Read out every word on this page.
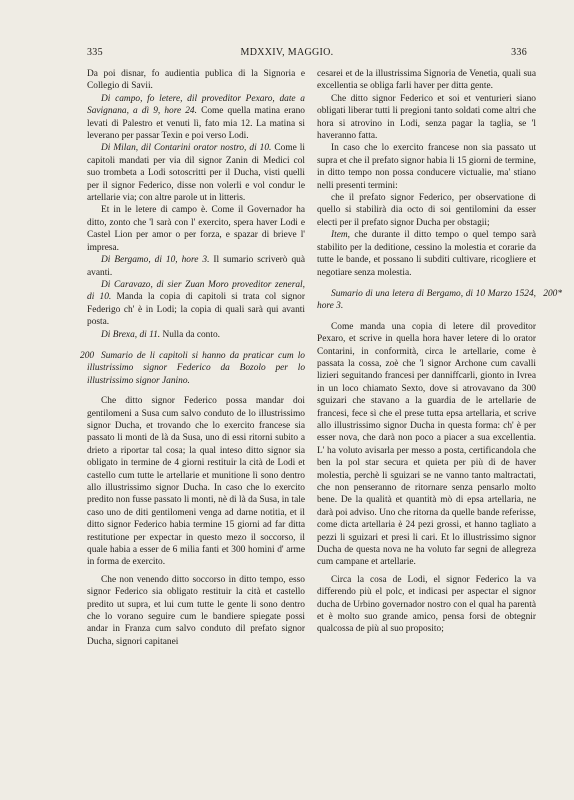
335	MDXXIV, MAGGIO.	336

Da poi disnar, fo audientia publica di la Signoria e Collegio di Savii.

Di campo, fo letere, dil proveditor Pexaro, date a Savignana, a dì 9, hore 24. Come quella matina erano levati di Palestro et venuti lì, fato mia 12. La matina si leverano per passar Texin e poi verso Lodi.

Di Milan, dil Contarini orator nostro, di 10. Come li capitoli mandati per via dil signor Zanin di Medici col suo trombeta a Lodi sotoscritti per il Ducha, visti quelli per il signor Federico, disse non volerli e vol condur le artellarie via; con altre parole ut in litteris.

Et in le letere di campo è. Come il Governador ha ditto, zonto che 'l sarà con l' exercito, spera haver Lodi e Castel Lion per amor o per forza, e spazar di brieve l' impresa.

Di Bergamo, di 10, hore 3. Il sumario scriverò quà avanti.

Di Caravazo, di sier Zuan Moro proveditor zeneral, di 10. Manda la copia di capitoli si trata col signor Federigo ch' è in Lodi; la copia di quali sarà qui avanti posta.

Di Brexa, di 11. Nulla da conto.

200 Sumario de li capitoli si hanno da praticar cum lo illustrissimo signor Federico da Bozolo per lo illustrissimo signor Janino.

Che ditto signor Federico possa mandar doi gentilomeni a Susa cum salvo conduto de lo illustrissimo signor Ducha, et trovando che lo exercito francese sia passato li monti de là da Susa, uno di essi ritorni subito a drieto a riportar tal cosa; la qual inteso ditto signor sia obligato in termine de 4 giorni restituir la cità de Lodi et castello cum tutte le artellarie et munitione lì sono dentro allo illustrissimo signor Ducha. In caso che lo exercito predito non fusse passato li monti, nè di là da Susa, in tale caso uno de diti gentilomeni venga ad darne notitia, et il ditto signor Federico habia termine 15 giorni ad far ditta restitutione per expectar in questo mezo il soccorso, il quale habia a esser de 6 milia fanti et 300 homini d' arme in forma de exercito.

Che non venendo ditto soccorso in ditto tempo, esso signor Federico sia obligato restituir la cità et castello predito ut supra, et lui cum tutte le gente li sono dentro che lo vorano seguire cum le bandiere spiegate possi andar in Franza cum salvo conduto dil prefato signor Ducha, signori capitanei

cesarei et de la illustrissima Signoria de Venetia, quali sua excellentia se obliga farli haver per ditta gente.

Che ditto signor Federico et soi et venturieri siano obligati liberar tutti li pregioni tanto soldati come altri che hora si atrovino in Lodi, senza pagar la taglia, se 'l haveranno fatta.

In caso che lo exercito francese non sia passato ut supra et che il prefato signor habia li 15 giorni de termine, in ditto tempo non possa conducere victualie, ma' stiano nelli presenti termini:

che il prefato signor Federico, per observatione di quello si stabilirà dia octo di soi gentilomini da esser electi per il prefato signor Ducha per obstagii;

Item, che durante il ditto tempo o quel tempo sarà stabilito per la deditione, cessino la molestia et corarie da tutte le bande, et possano li subditi cultivare, ricogliere et negotiare senza molestia.

200*
Sumario di una letera di Bergamo, di 10 Marzo 1524, hore 3.

Come manda una copia di letere dil proveditor Pexaro, et scrive in quella hora haver letere di lo orator Contarini, in conformità, circa le artellarie, come è passata la cossa, zoè che 'l signor Archone cum cavalli lizieri seguitando francesi per danniffcarli, gionto in Ivrea in un loco chiamato Sexto, dove si atrovavano da 300 sguizari che stavano a la guardia de le artellarie de francesi, fece sì che el prese tutta epsa artellaria, et scrive allo illustrissimo signor Ducha in questa forma: ch' è per esser nova, che darà non poco a piacer a sua excellentia. L' ha voluto avisarla per messo a posta, certificandola che ben la pol star secura et quieta per più di de haver molestia, perchè li sguizari se ne vanno tanto maltractati, che non penseranno de ritornare senza pensarlo molto bene. De la qualità et quantità mò di epsa artellaria, ne darà poi adviso. Uno che ritorna da quelle bande referisse, come dicta artellaria è 24 pezi grossi, et hanno tagliato a pezzi li sguizari et presi li cari. Et lo illustrissimo signor Ducha de questa nova ne ha voluto far segni de allegreza cum campane et artellarie.

Circa la cosa de Lodi, el signor Federico la va differendo più el polc, et indicasi per aspectar el signor ducha de Urbino governador nostro con el qual ha parentà et è molto suo grande amico, pensa forsi de obtegnir qualcossa de più al suo proposito;
